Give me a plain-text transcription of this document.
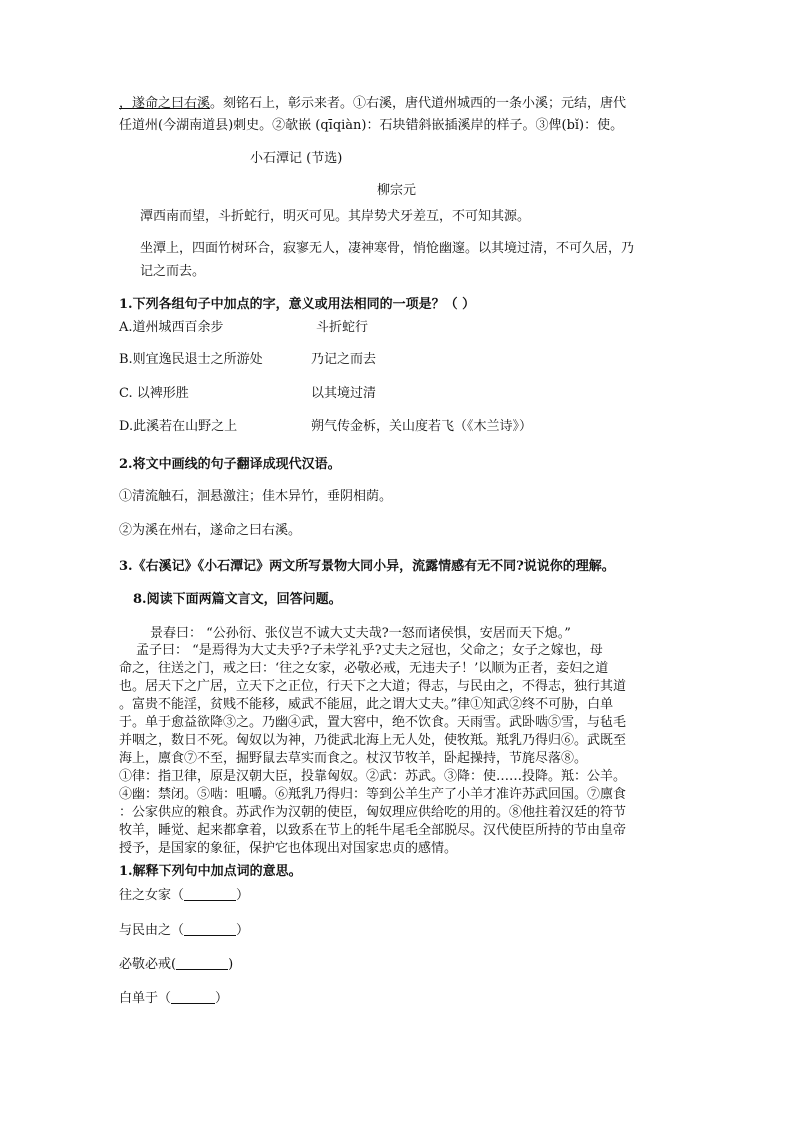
，遂命之曰右溪。刻铭石上，彰示来者。①右溪，唐代道州城西的一条小溪；元结，唐代
任道州(今湖南道县)刺史。②欹嵌 (qīqiàn)：石块错斜嵌插溪岸的样子。③俾(bǐ)：使。
小石潭记 (节选)
柳宗元
潭西南而望，斗折蛇行，明灭可见。其岸势犬牙差互，不可知其源。
坐潭上，四面竹树环合，寂寥无人，凄神寒骨，悄怆幽邃。以其境过清，不可久居，乃
记之而去。
1.下列各组句子中加点的字，意义或用法相同的一项是？（ ）
A.道州城西百余步	斗折蛇行
B.则宜逸民退士之所游处	乃记之而去
C. 以裨形胜	以其境过清
D.此溪若在山野之上	朔气传金柝，关山度若飞（《木兰诗》）
2.将文中画线的句子翻译成现代汉语。
①清流触石，洄悬激注；佳木异竹，垂阴相荫。
②为溪在州右，遂命之曰右溪。
3.《右溪记》《小石潭记》两文所写景物大同小异，流露情感有无不同?说说你的理解。
8.阅读下面两篇文言文，回答问题。
景春曰： “公孙衍、张仪岂不诚大丈夫哉?一怒而诸侯惧，安居而天下熄。”
孟子曰： “是焉得为大丈夫乎?子未学礼乎?丈夫之冠也，父命之；女子之嫁也，母
命之，往送之门，戒之曰：‘往之女家，必敬必戒，无违夫子！’以顺为正者，妾妇之道
也。居天下之广居，立天下之正位，行天下之大道；得志，与民由之，不得志，独行其道
。富贵不能淫，贫贱不能移，威武不能屈，此之谓大丈夫。”律①知武②终不可胁，白单
于。单于愈益欲降③之。乃幽④武，置大窖中，绝不饮食。天雨雪。武卧啮⑤雪，与毡毛
并咽之，数日不死。匈奴以为神，乃徙武北海上无人处，使牧羝。羝乳乃得归⑥。武既至
海上，廪食⑦不至，掘野鼠去草实而食之。杖汉节牧羊，卧起操持，节旄尽落⑧。
①律：指卫律，原是汉朝大臣，投靠匈奴。②武：苏武。③降：使……投降。羝：公羊。
④幽：禁闭。⑤啮：咀嚼。⑥羝乳乃得归：等到公羊生产了小羊才准许苏武回国。⑦廪食
：公家供应的粮食。苏武作为汉朝的使臣，匈奴理应供给吃的用的。⑧他拄着汉廷的符节
牧羊，睡觉、起来都拿着，以致系在节上的牦牛尾毛全部脱尽。汉代使臣所持的节由皇帝
授予，是国家的象征，保护它也体现出对国家忠贞的感情。
1.解释下列句中加点词的意思。
往之女家（	）
与民由之（	）
必敬必戒(	)
白单于（	）
